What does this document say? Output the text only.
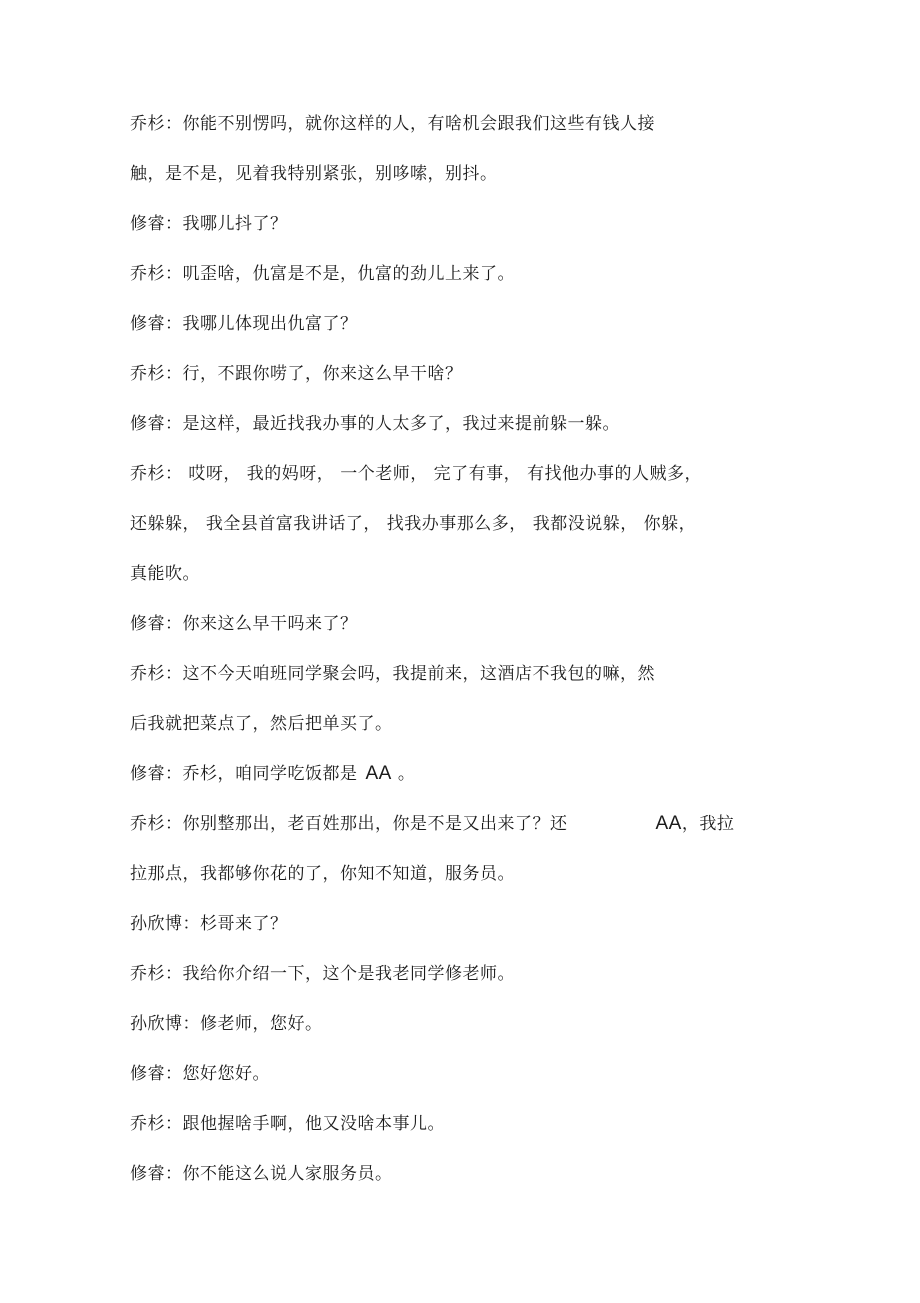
乔杉：你能不别愣吗，就你这样的人，有啥机会跟我们这些有钱人接
触，是不是，见着我特别紧张，别哆嗦，别抖。
修睿：我哪儿抖了？
乔杉：叽歪啥，仇富是不是，仇富的劲儿上来了。
修睿：我哪儿体现出仇富了？
乔杉：行，不跟你唠了，你来这么早干啥？
修睿：是这样，最近找我办事的人太多了，我过来提前躲一躲。
乔杉： 哎呀， 我的妈呀， 一个老师， 完了有事， 有找他办事的人贼多，
还躲躲， 我全县首富我讲话了， 找我办事那么多， 我都没说躲， 你躲，
真能吹。
修睿：你来这么早干吗来了？
乔杉：这不今天咱班同学聚会吗，我提前来，这酒店不我包的嘛，然
后我就把菜点了，然后把单买了。
修睿：乔杉，咱同学吃饭都是 AA 。
乔杉：你别整那出，老百姓那出，你是不是又出来了？还	AA，我拉
拉那点，我都够你花的了，你知不知道，服务员。
孙欣博：杉哥来了？
乔杉：我给你介绍一下，这个是我老同学修老师。
孙欣博：修老师，您好。
修睿：您好您好。
乔杉：跟他握啥手啊，他又没啥本事儿。
修睿：你不能这么说人家服务员。
